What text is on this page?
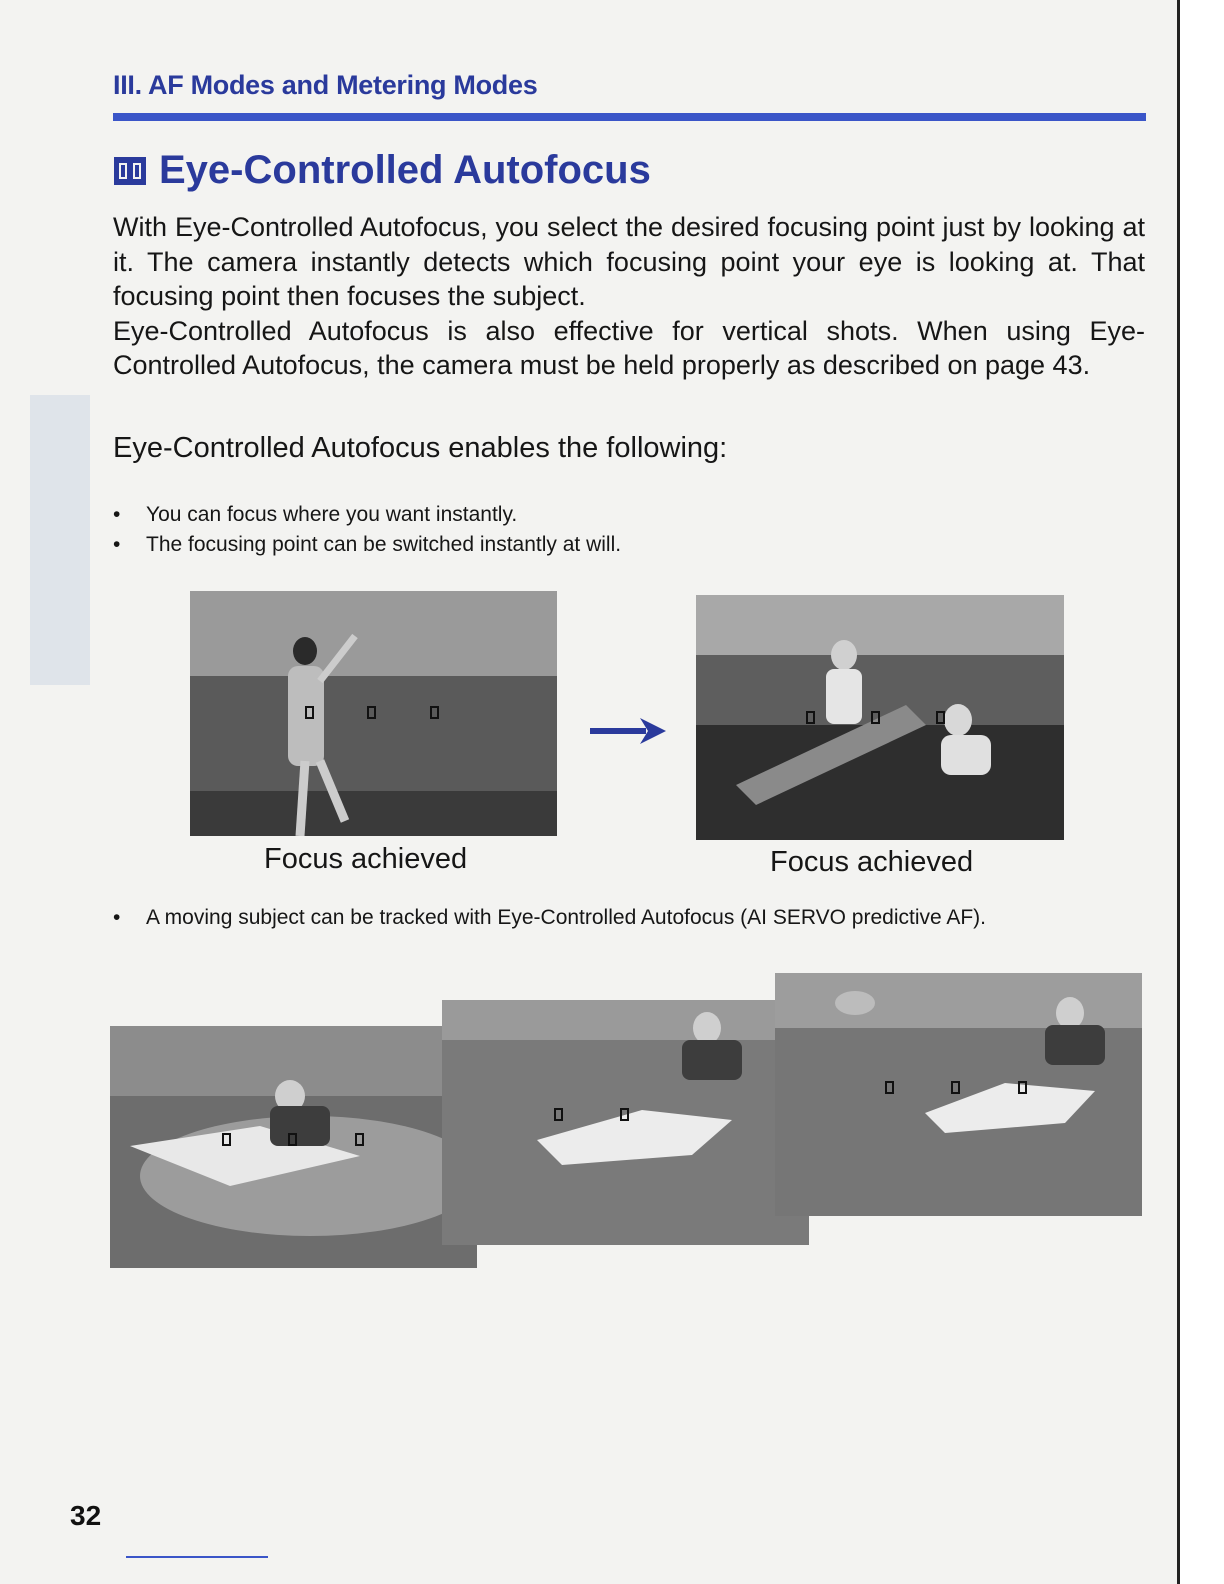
III. AF Modes and Metering Modes
Eye-Controlled Autofocus

With Eye-Controlled Autofocus, you select the desired focusing point just by looking at it. The camera instantly detects which focusing point your eye is looking at. That focusing point then focuses the subject.

Eye-Controlled Autofocus is also effective for vertical shots. When using Eye-Controlled Autofocus, the camera must be held properly as described on page 43.

Eye-Controlled Autofocus enables the following:
• You can focus where you want instantly.
• The focusing point can be switched instantly at will.
Focus achieved	Focus achieved
• A moving subject can be tracked with Eye-Controlled Autofocus (AI SERVO predictive AF).
32
